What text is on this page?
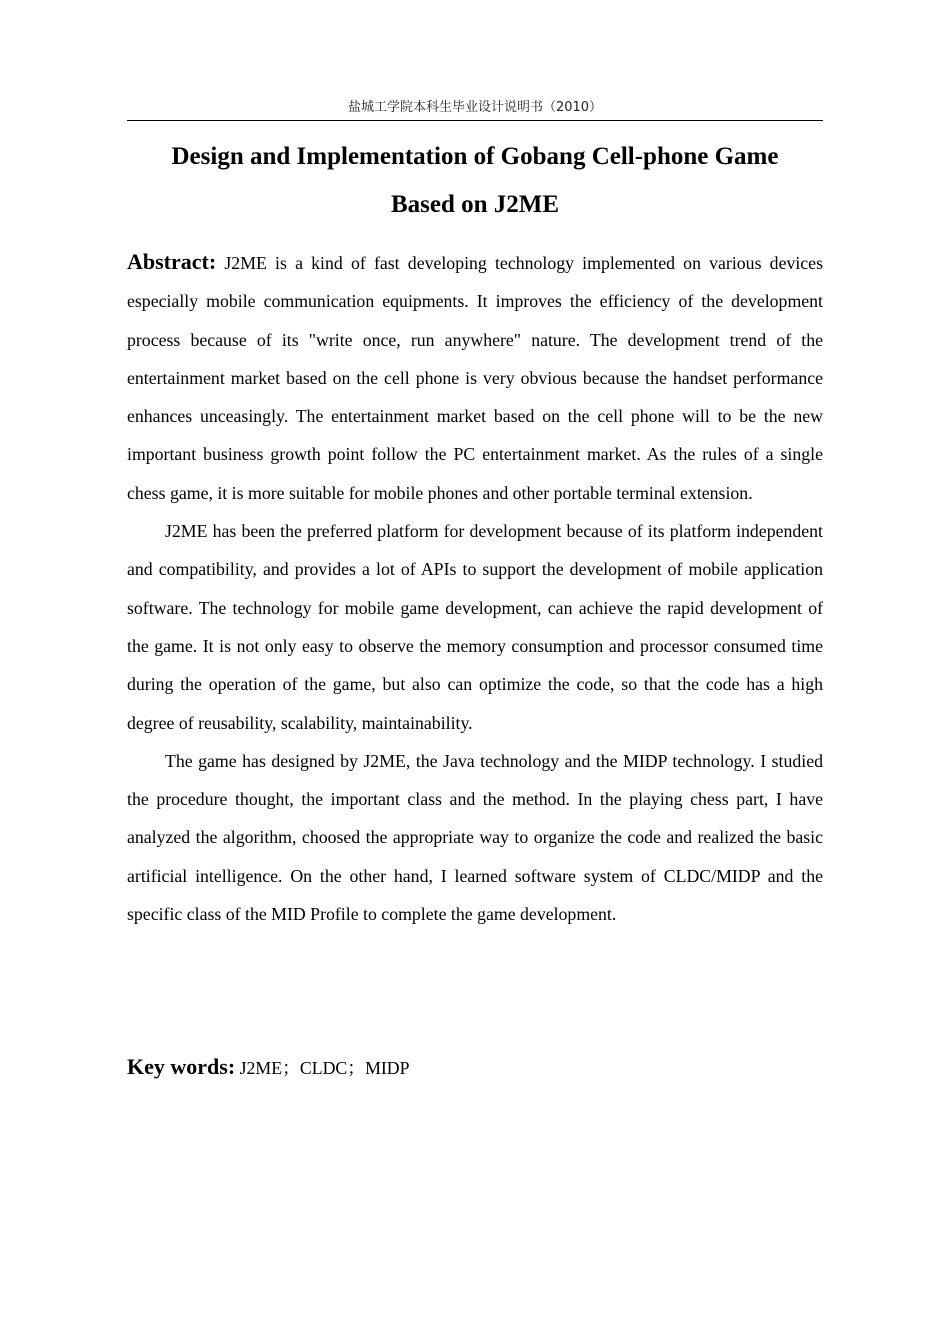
盐城工学院本科生毕业设计说明书（2010）
Design and Implementation of Gobang Cell-phone Game
Based on J2ME

Abstract: J2ME is a kind of fast developing technology implemented on various devices especially mobile communication equipments. It improves the efficiency of the development process because of its "write once, run anywhere" nature. The development trend of the entertainment market based on the cell phone is very obvious because the handset performance enhances unceasingly. The entertainment market based on the cell phone will to be the new important business growth point follow the PC entertainment market. As the rules of a single chess game, it is more suitable for mobile phones and other portable terminal extension.

J2ME has been the preferred platform for development because of its platform independent and compatibility, and provides a lot of APIs to support the development of mobile application software. The technology for mobile game development, can achieve the rapid development of the game. It is not only easy to observe the memory consumption and processor consumed time during the operation of the game, but also can optimize the code, so that the code has a high degree of reusability, scalability, maintainability.

The game has designed by J2ME, the Java technology and the MIDP technology. I studied the procedure thought, the important class and the method. In the playing chess part, I have analyzed the algorithm, choosed the appropriate way to organize the code and realized the basic artificial intelligence. On the other hand, I learned software system of CLDC/MIDP and the specific class of the MID Profile to complete the game development.

Key words: J2ME；CLDC；MIDP
